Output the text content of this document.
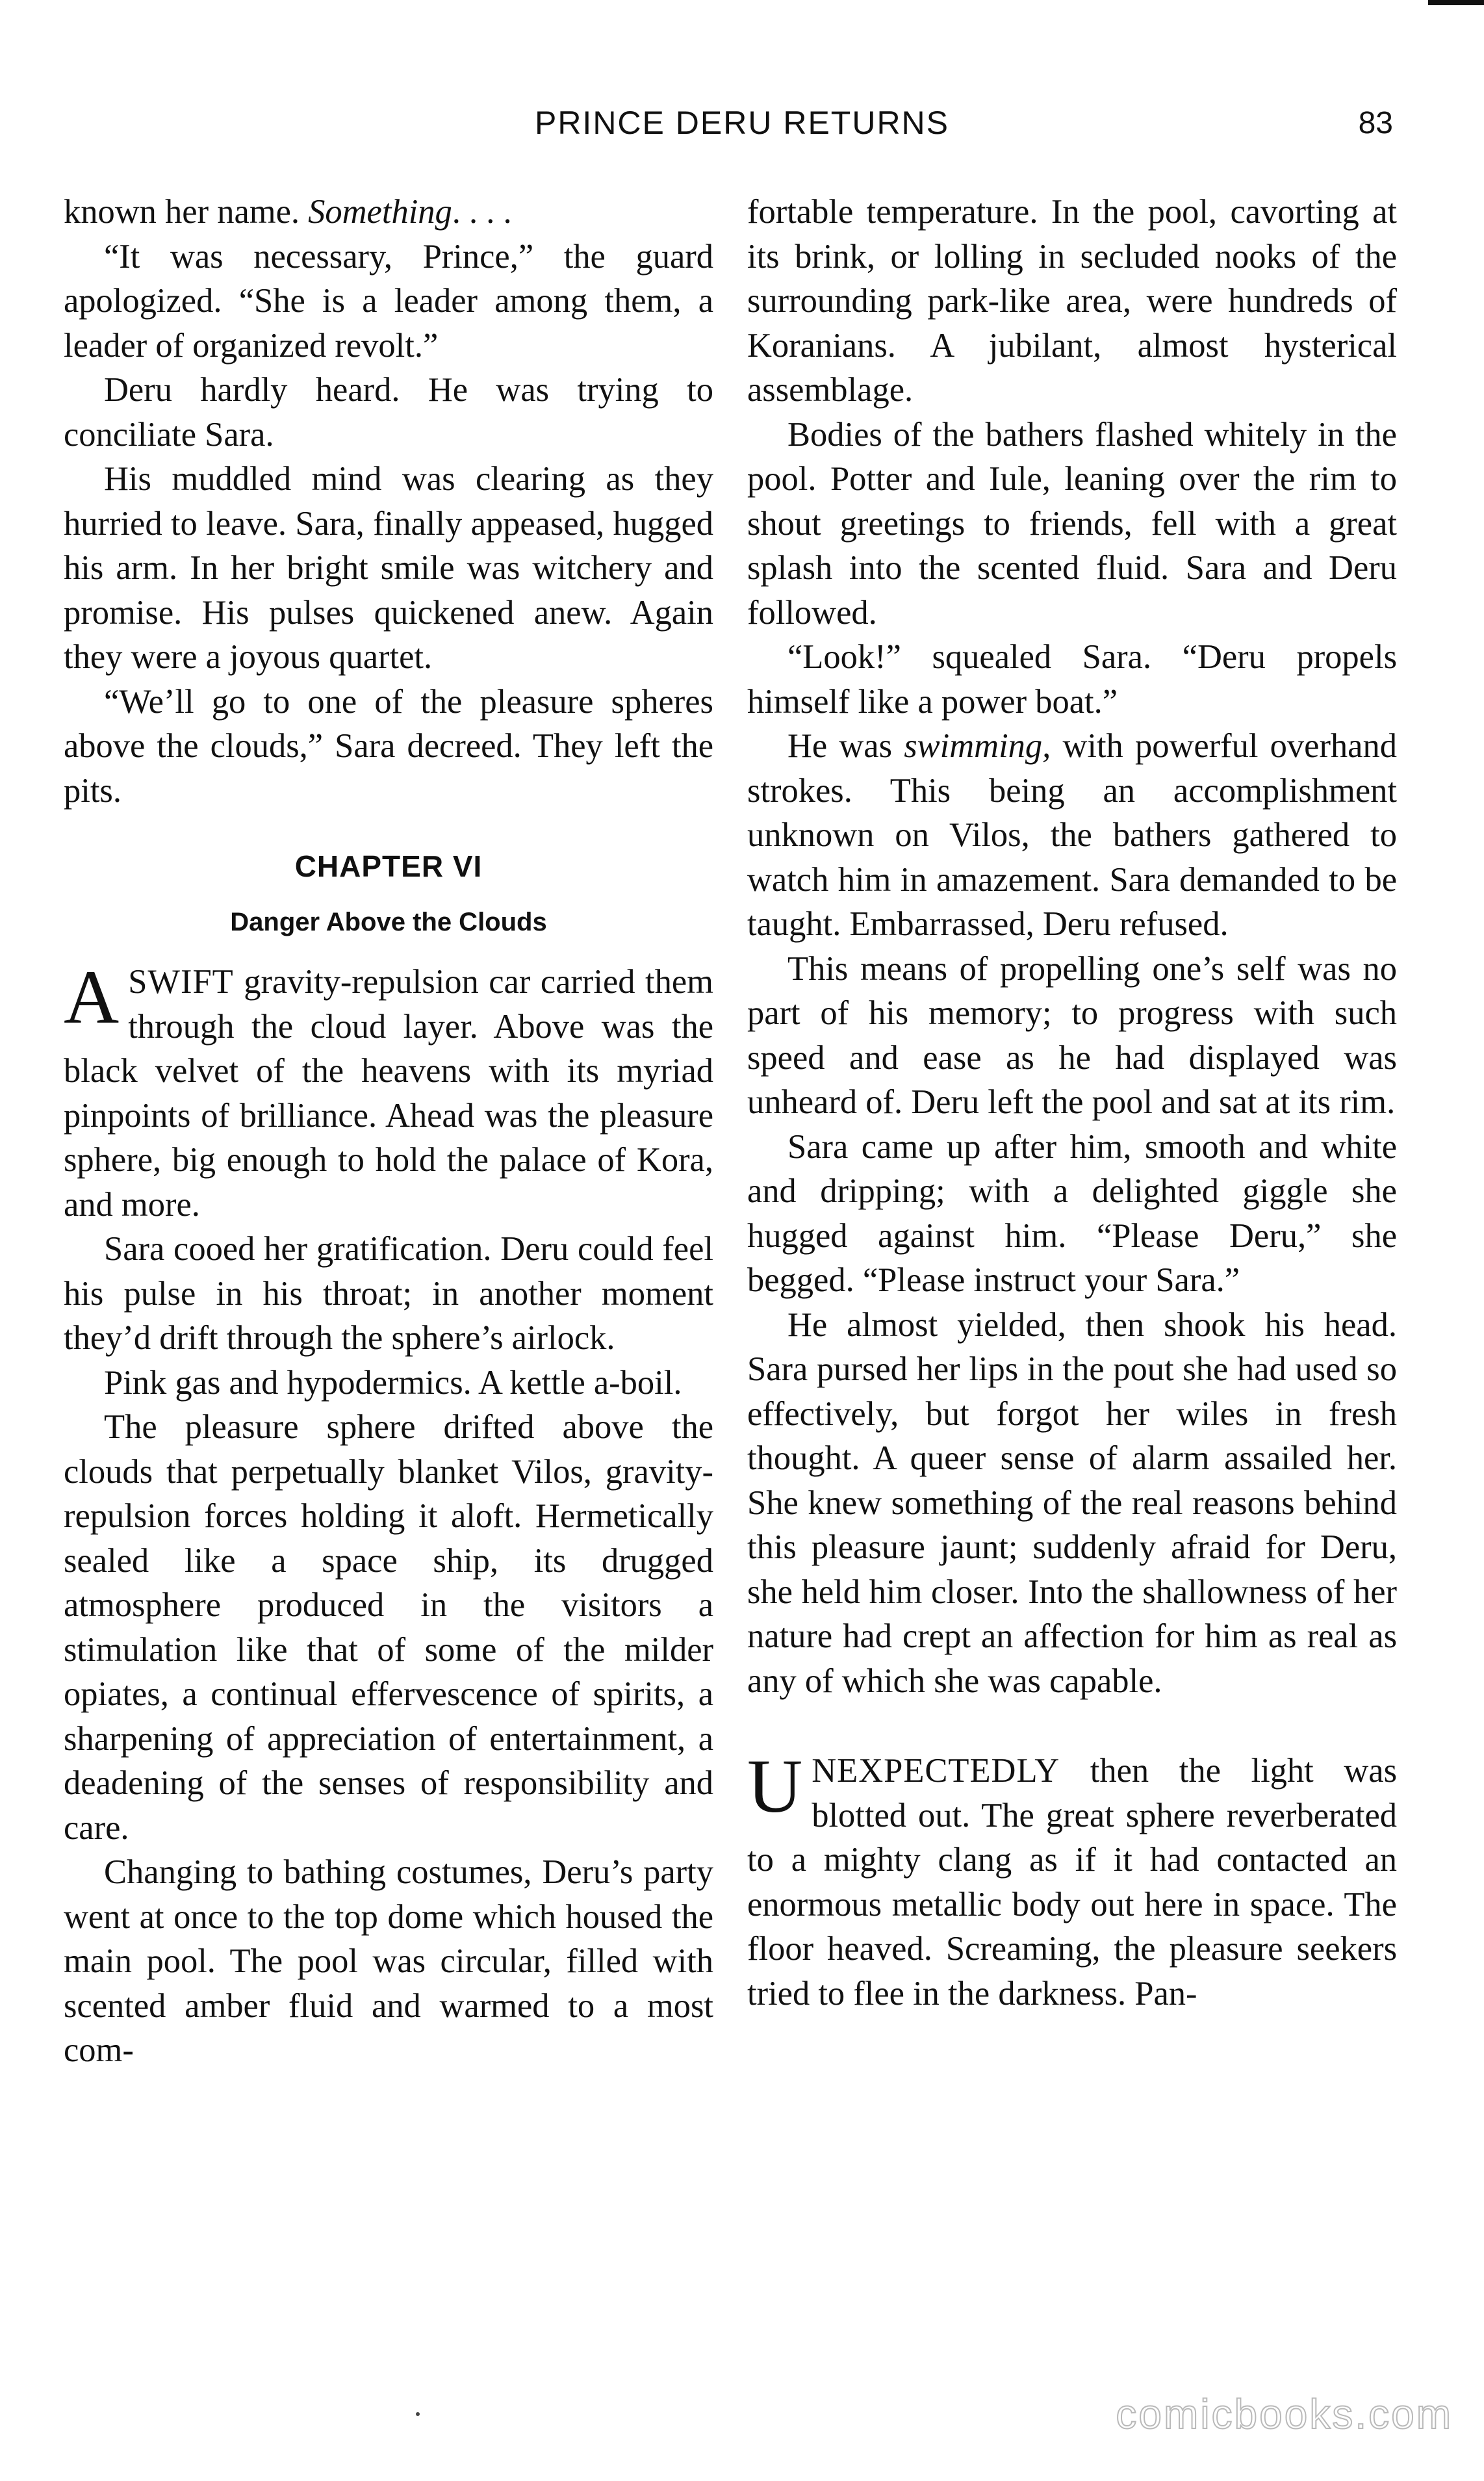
PRINCE DERU RETURNS	83

known her name. Something. . . .

“It was necessary, Prince,” the guard apologized. “She is a leader among them, a leader of organized revolt.”

Deru hardly heard. He was trying to conciliate Sara.

His muddled mind was clearing as they hurried to leave. Sara, finally appeased, hugged his arm. In her bright smile was witchery and promise. His pulses quickened anew. Again they were a joyous quartet.

“We’ll go to one of the pleasure spheres above the clouds,” Sara decreed. They left the pits.

CHAPTER VI
Danger Above the Clouds

ASWIFT gravity-repulsion car carried them through the cloud layer. Above was the black velvet of the heavens with its myriad pinpoints of brilliance. Ahead was the pleasure sphere, big enough to hold the palace of Kora, and more.

Sara cooed her gratification. Deru could feel his pulse in his throat; in another moment they’d drift through the sphere’s airlock.

Pink gas and hypodermics. A kettle a-boil.

The pleasure sphere drifted above the clouds that perpetually blanket Vilos, gravity-repulsion forces holding it aloft. Hermetically sealed like a space ship, its drugged atmosphere produced in the visitors a stimulation like that of some of the milder opiates, a continual effervescence of spirits, a sharpening of appreciation of entertainment, a deadening of the senses of responsibility and care.

Changing to bathing costumes, Deru’s party went at once to the top dome which housed the main pool. The pool was circular, filled with scented amber fluid and warmed to a most com-

fortable temperature. In the pool, cavorting at its brink, or lolling in secluded nooks of the surrounding park-like area, were hundreds of Koranians. A jubilant, almost hysterical assemblage.

Bodies of the bathers flashed whitely in the pool. Potter and Iule, leaning over the rim to shout greetings to friends, fell with a great splash into the scented fluid. Sara and Deru followed.

“Look!” squealed Sara. “Deru propels himself like a power boat.”

He was swimming, with powerful overhand strokes. This being an accomplishment unknown on Vilos, the bathers gathered to watch him in amazement. Sara demanded to be taught. Embarrassed, Deru refused.

This means of propelling one’s self was no part of his memory; to progress with such speed and ease as he had displayed was unheard of. Deru left the pool and sat at its rim.

Sara came up after him, smooth and white and dripping; with a delighted giggle she hugged against him. “Please Deru,” she begged. “Please instruct your Sara.”

He almost yielded, then shook his head. Sara pursed her lips in the pout she had used so effectively, but forgot her wiles in fresh thought. A queer sense of alarm assailed her. She knew something of the real reasons behind this pleasure jaunt; suddenly afraid for Deru, she held him closer. Into the shallowness of her nature had crept an affection for him as real as any of which she was capable.

UNEXPECTEDLY then the light was blotted out. The great sphere reverberated to a mighty clang as if it had contacted an enormous metallic body out here in space. The floor heaved. Screaming, the pleasure seekers tried to flee in the darkness. Pan-

comicbooks.com
